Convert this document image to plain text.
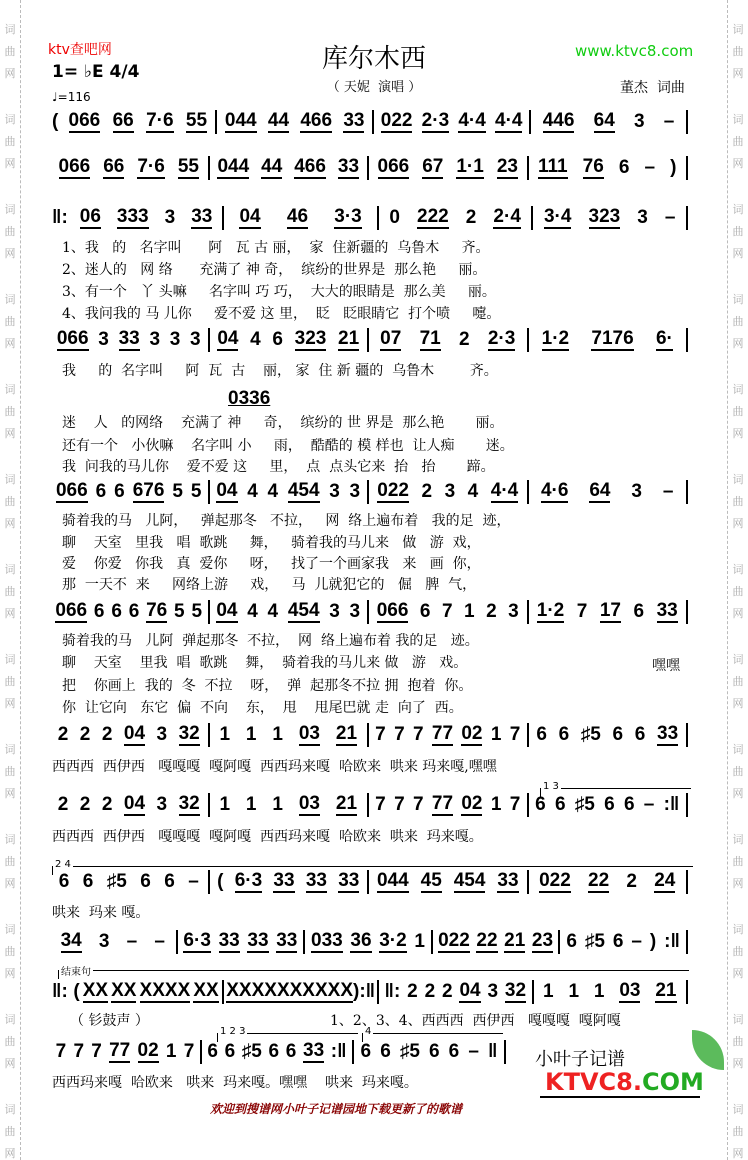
词
曲
网
词
曲
网
词
曲
网
词
曲
网
词
曲
网
词
曲
网
词
曲
网
词
曲
网
词
曲
网
词
曲
网
词
曲
网
词
曲
网
词
曲
网
词
曲
网
词
曲
网
词
曲
网
词
曲
网
词
曲
网
词
曲
网
词
曲
网
词
曲
网
词
曲
网
词
曲
网
词
曲
网
词
曲
网
词
曲
网
ktv查吧网	www.ktvc8.com
库尔木西
1= ♭E 4/4
♩=116
（ 天妮  演唱 ）	董杰  词曲
( 066 66 7·6 55 044 44 466 33 022 2·3 4·4 4·4 446 64 3 –
066 66 7·6 55 044 44 466 33 066 67 1·1 23 111 76 6 – )
‖: 06 333 3 33 04 46 3·3 0 222 2 2·4 3·4 323 3 –
066 3 33 3 3 3 04 4 6 323 21 07 71 2 2·3 1·2 7176 6·
066 6 6 676 5 5 04 4 4 454 3 3 022 2 3 4 4·4 4·6 64 3 –
066 6 6 6 76 5 5 04 4 4 454 3 3 066 6 7 1 2 3 1·2 7 17 6 33
2 2 2 04 3 32 1 1 1 03 21 7 7 7 77 02 1 7 6 6 ♯5 6 6 33
2 2 2 04 3 32 1 1 1 03 21 7 7 7 77 02 1 7 6 6 ♯5 6 6 – :‖
6 6 ♯5 6 6 – ( 6·3 33 33 33 044 45 454 33 022 22 2 24
34 3 – – 6·3 33 33 33 033 36 3·2 1 022 22 21 23 6 ♯5 6 – ) :‖
‖: ( XX XX XXXX XX XX XX XXXX XX ) :‖ ‖: 2 2 2 04 3 32 1 1 1 03 21
7 7 7 77 02 1 7 6 6 ♯5 6 6 33 :‖ 6 6 ♯5 6 6 – ‖
0336
1 3
2 4
结束句
1 2 3	4
1、我   的   名字叫      阿   瓦 古 丽，  家  住新疆的  乌鲁木     齐。
2、迷人的   网 络      充满了 神 奇，  缤纷的世界是  那么艳     丽。
3、有一个   丫 头嘛     名字叫 巧 巧，  大大的眼睛是  那么美     丽。
4、我问我的 马 儿你     爱不爱 这 里，  眨   眨眼睛它  打个喷     嚏。
我     的  名字叫     阿  瓦  古    丽， 家  住 新 疆的  乌鲁木        齐。
迷    人   的网络    充满了 神     奇，  缤纷的 世 界是  那么艳       丽。
还有一个   小伙嘛    名字叫 小     雨，  酷酷的 模 样也  让人痴       迷。
我  问我的马儿你    爱不爱 这     里，  点  点头它来  抬   抬       蹄。
骑着我的马   儿阿，   弹起那冬   不拉，   网  络上遍布着   我的足  迹，
聊    天室   里我   唱  歌跳     舞，   骑着我的马儿来   做   游  戏，
爱    你爱   你我   真  爱你     呀，   找了一个画家我   来   画  你，
那  一天不  来     网络上游     戏，   马  儿就犯它的   倔   脾  气，
骑着我的马   儿阿  弹起那冬  不拉，  网  络上遍布着 我的足   迹。
聊    天室    里我  唱  歌跳    舞，  骑着我的马儿来 做   游   戏。
把    你画上  我的  冬  不拉    呀，  弹  起那冬不拉 拥  抱着  你。
你  让它向   东它  偏  不向    东，  甩    甩尾巴就 走  向了  西。
西西西  西伊西   嘎嘎嘎  嘎阿嘎  西西玛来嘎  哈欧来  哄来 玛来嘎,嘿嘿
西西西  西伊西   嘎嘎嘎  嘎阿嘎  西西玛来嘎  哈欧来  哄来  玛来嘎。
哄来  玛来 嘎。
（ 钐鼓声 ）	1、2、3、4、西西西  西伊西   嘎嘎嘎  嘎阿嘎
西西玛来嘎  哈欧来   哄来  玛来嘎。嘿嘿    哄来  玛来嘎。
嘿嘿
小叶子记谱
KTVC8.COM
欢迎到搜谱网小叶子记谱园地下载更新了的歌谱
